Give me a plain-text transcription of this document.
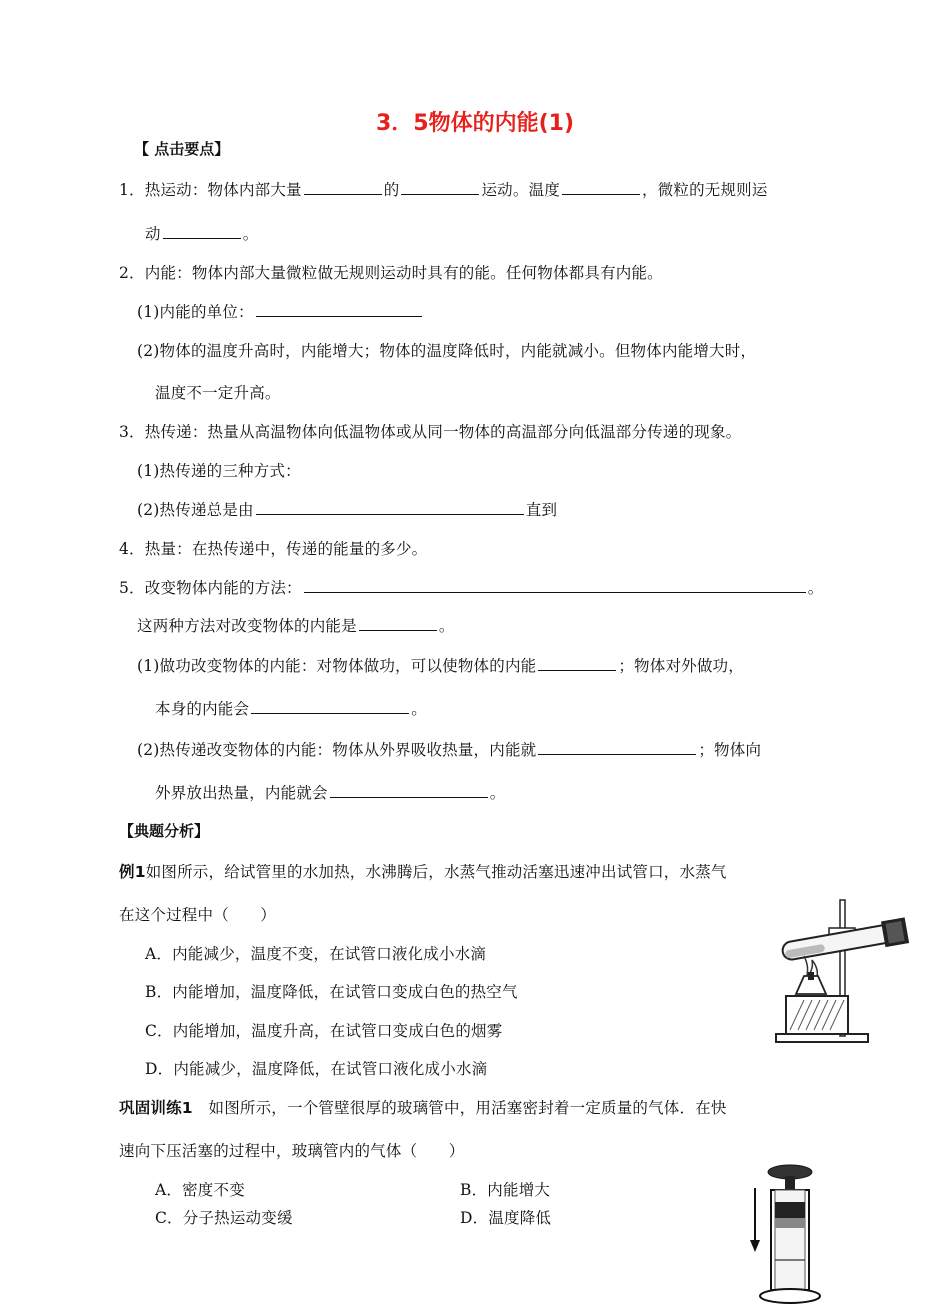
3．5物体的内能(1)
【 点击要点】
1．热运动：物体内部大量	的	运动。温度	，微粒的无规则运
动	。
2．内能：物体内部大量微粒做无规则运动时具有的能。任何物体都具有内能。
(1)内能的单位：
(2)物体的温度升高时，内能增大；物体的温度降低时，内能就减小。但物体内能增大时，
温度不一定升高。
3．热传递：热量从高温物体向低温物体或从同一物体的高温部分向低温部分传递的现象。
(1)热传递的三种方式：
(2)热传递总是由	直到
4．热量：在热传递中，传递的能量的多少。
5．改变物体内能的方法：	。
这两种方法对改变物体的内能是	。
(1)做功改变物体的内能：对物体做功，可以使物体的内能	；物体对外做功，
本身的内能会	。
(2)热传递改变物体的内能：物体从外界吸收热量，内能就	；物体向
外界放出热量，内能就会	。
【典题分析】
例1如图所示，给试管里的水加热，水沸腾后，水蒸气推动活塞迅速冲出试管口，水蒸气
在这个过程中（　　）
A．内能减少，温度不变，在试管口液化成小水滴
B．内能增加，温度降低，在试管口变成白色的热空气
C．内能增加，温度升高，在试管口变成白色的烟雾
D．内能减少，温度降低，在试管口液化成小水滴
巩固训练1　如图所示，一个管壁很厚的玻璃管中，用活塞密封着一定质量的气体．在快
速向下压活塞的过程中，玻璃管内的气体（　　）
A．密度不变	B．内能增大
C．分子热运动变缓	D．温度降低
